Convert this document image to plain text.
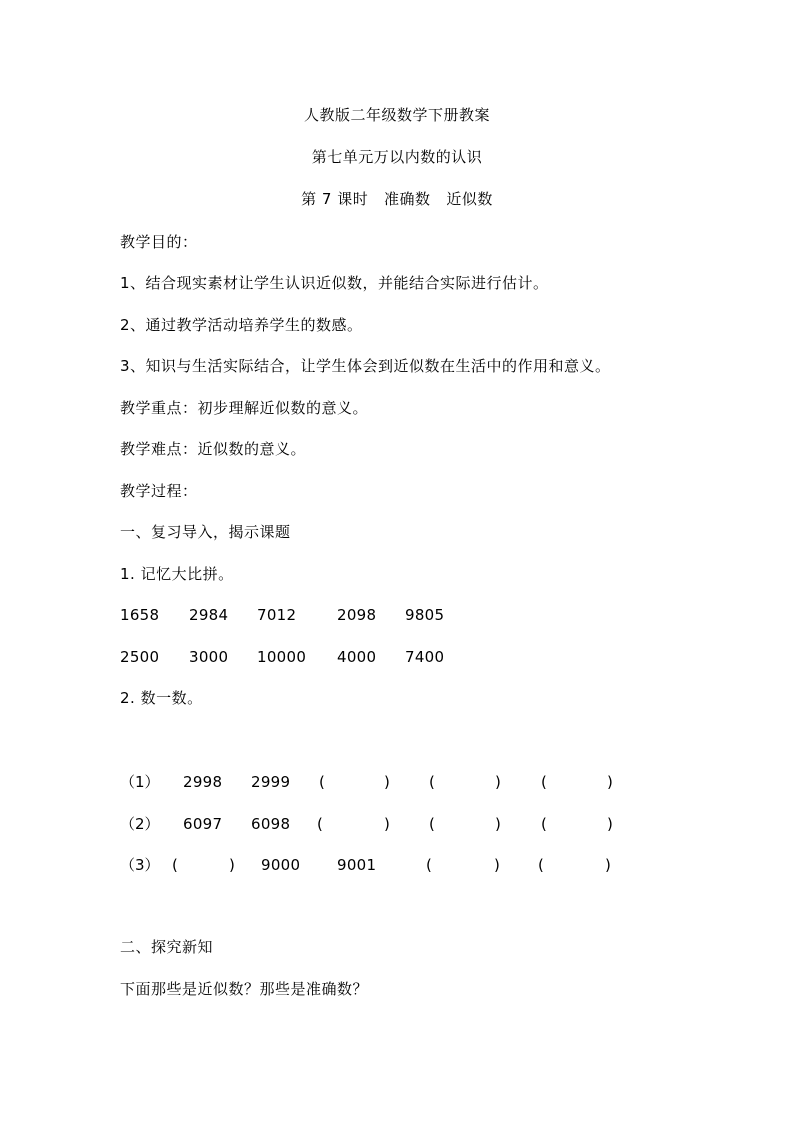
人教版二年级数学下册教案
第七单元万以内数的认识
第 7 课时   准确数   近似数
教学目的：
1、结合现实素材让学生认识近似数，并能结合实际进行估计。
2、通过教学活动培养学生的数感。
3、知识与生活实际结合，让学生体会到近似数在生活中的作用和意义。
教学重点：初步理解近似数的意义。
教学难点：近似数的意义。
教学过程：
一、复习导入，揭示课题
1. 记忆大比拼。
1658 2984 7012	2098 9805
2500 3000 10000 4000 7400
2. 数一数。
（1） 2998 2999 (	)	(	)	(	)
（2） 6097 6098 (	)	(	)	(	)
（3） (	) 9000 9001	(	)	(	)
二、探究新知
下面那些是近似数？那些是准确数？
